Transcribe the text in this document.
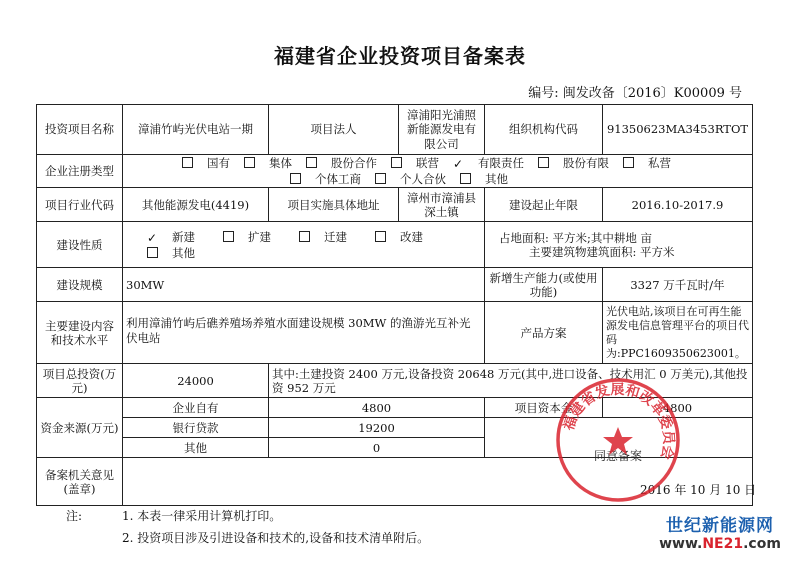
福建省企业投资项目备案表
编号: 闽发改备〔2016〕K00009 号
投资项目名称	漳浦竹屿光伏电站一期	项目法人	漳浦阳光浦照新能源发电有限公司	组织机构代码	91350623MA3453RTOT
企业注册类型	国有 集体 股份合作 联营 ✓ 有限责任 股份有限 私营
个体工商 个人合伙 其他				

项目行业代码	其他能源发电(4419)	项目实施具体地址	漳州市漳浦县深土镇	建设起止年限	2016.10-2017.9
建设性质	✓ 新建 扩建 迁建 改建其他			占地面积: 平方米;其中耕地 亩
主要建筑物建筑面积: 平方米	

建设规模	30MW			新增生产能力(或使用功能)	3327 万千瓦时/年
主要建设内容和技术水平	利用漳浦竹屿后礁养殖场养殖水面建设规模 30MW 的渔游光互补光伏电站			产品方案	光伏电站,该项目在可再生能源发电信息管理平台的项目代码为:PPC1609350623001。
项目总投资(万元)	24000	其中:土建投资 2400 万元,设备投资 20648 万元(其中,进口设备、技术用汇 0 万美元),其他投资 952 万元			
资金来源(万元)	企业自有	4800		项目资本金	4800
	银行贷款	19200			
	其他	0			
备案机关意见(盖章)					
同意备案
2016 年 10 月 10 日
福建省发展和改革委员会
注:	1. 本表一律采用计算机打印。
2. 投资项目涉及引进设备和技术的,设备和技术清单附后。
世纪新能源网
www.NE21.com
